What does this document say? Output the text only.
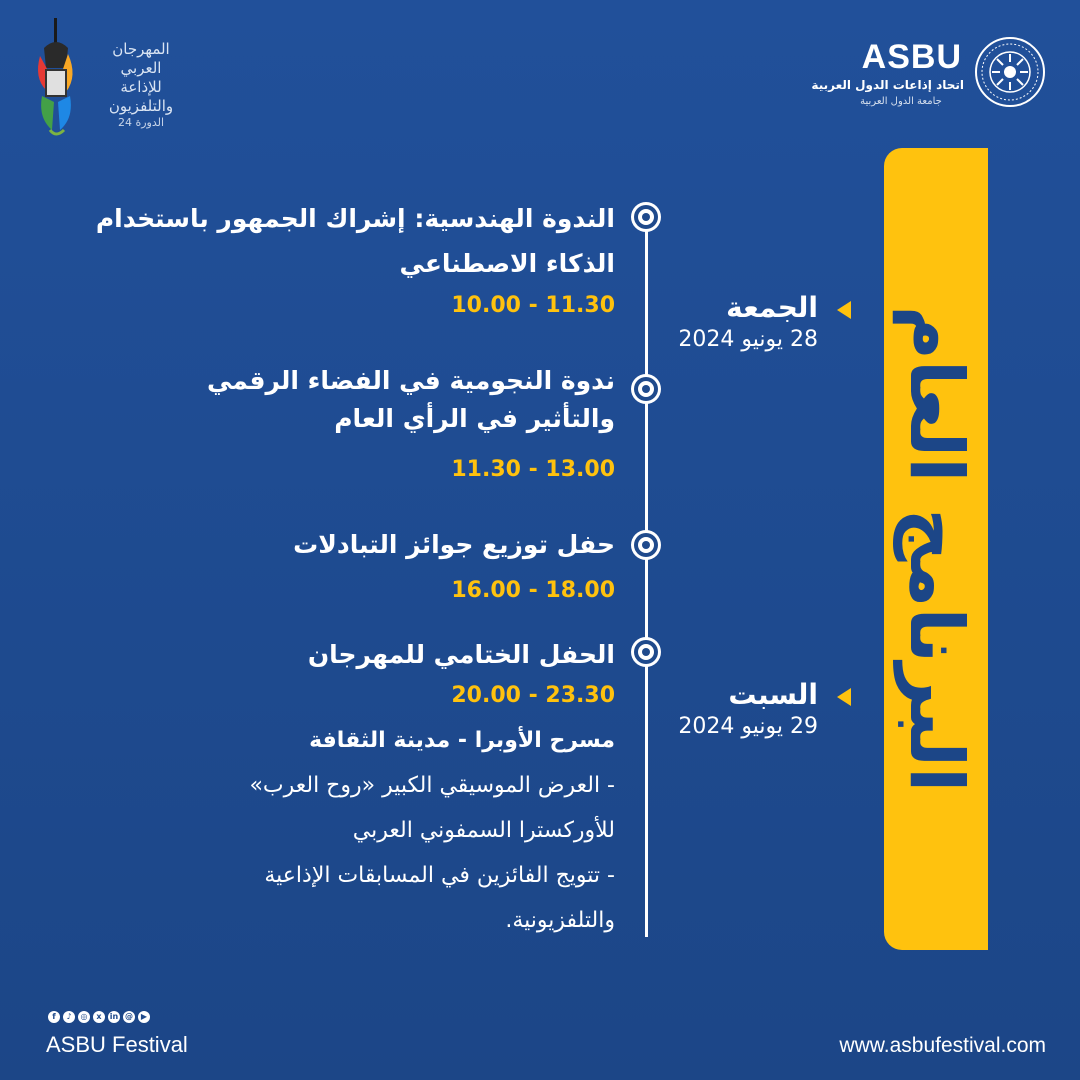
المهرجان
العربي
للإذاعة
والتلفزيون
الدورة 24
ASBU
اتحاد إذاعات الدول العربية
جامعة الدول العربية
البرنامج العام
الجمعة
28 يونيو 2024
السبت
29 يونيو 2024
الندوة الهندسية: إشراك الجمهور باستخدام
الذكاء الاصطناعي
10.00 - 11.30
ندوة النجومية في الفضاء الرقمي
والتأثير في الرأي العام
11.30 - 13.00
حفل توزيع جوائز التبادلات
16.00 - 18.00
الحفل الختامي للمهرجان
20.00 - 23.30
مسرح الأوبرا - مدينة الثقافة
- العرض الموسيقي الكبير «روح العرب»
للأوركسترا السمفوني العربي
- تتويج الفائزين في المسابقات الإذاعية
والتلفزيونية.
f	♪	◎	x	in @ ▶
ASBU Festival	www.asbufestival.com
